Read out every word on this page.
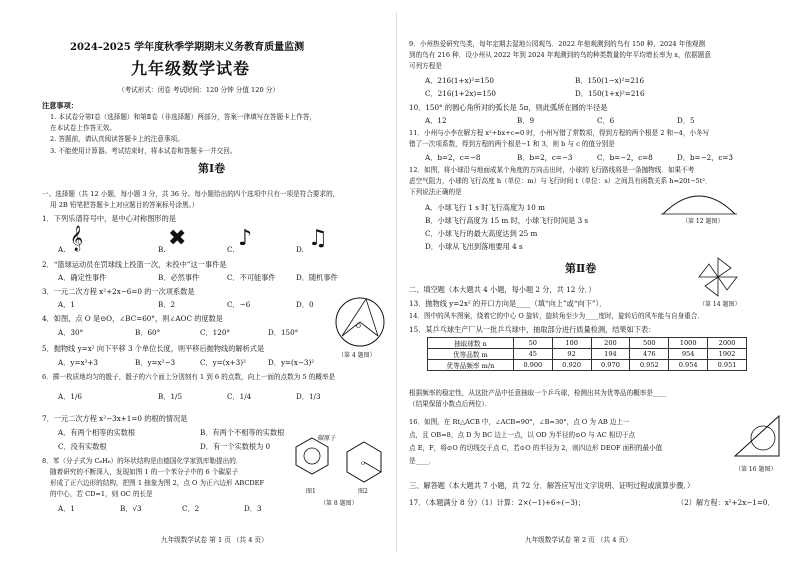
2024–2025 学年度秋季学期期末义务教育质量监测
九年级数学试卷
（考试形式：闭卷 考试时间：120 分钟 分值 120 分）
注意事项：
1. 本试卷分第Ⅰ卷（选择题）和第Ⅱ卷（非选择题）两部分，答案一律填写在答题卡上作答，
在本试卷上作答无效。
2. 答题前，请认真阅读答题卡上的注意事项。
3. 不能使用计算器。考试结束时，将本试卷和答题卡一并交回。
第Ⅰ卷
一、选择题（共 12 小题，每小题 3 分，共 36 分。每小题给出的四个选项中只有一项是符合要求的，
用 2B 铅笔把答题卡上对应题目的答案标号涂黑。）
1．下列乐谱符号中，是中心对称图形的是
A. 𝄞	B. ✖	C. ♪	D. ♫
2．“篮球运动员在罚球线上投篮一次，未投中”这一事件是
A．确定性事件	B．必然事件	C．不可能事件	D．随机事件
3．一元二次方程 x²+2x−6=0 的一次项系数是
A．1	B．2	C．−6	D．0
4．如图，点 O 是⊙O，∠BC=60°，则∠AOC 的度数是
A．30°	B．60°	C．120°	D．150°
O
（第 4 题图）
5．抛物线 y=x² 向下平移 3 个单位长度，则平移后抛物线的解析式是
A．y=x²+3	B．y=x²−3	C．y=(x+3)²	D．y=(x−3)²
6．掷一枚质地均匀的骰子，骰子的六个面上分别刻有 1 到 6 的点数，向上一面的点数为 5 的概率是
A．1/6	B．1/5	C．1/4	D．1/3
7．一元二次方程 x²−3x+1=0 的根的情况是
A．有两个相等的实数根	B．有两个不相等的实数根
C．没有实数根	D．有一个实数根为 0
8．苯（分子式为 C₆H₆）的环状结构是由德国化学家凯库勒提出的．
随着研究的不断深入，发现如图 1 的一个苯分子中的 6 个碳原子
形成了正六边形的结构，把图 1 抽象为图 2，点 O 为正六边形 ABCDEF
的中心，若 CD=1，则 OC 的长是
A．1	B．√3	C．2	D．3
碳原子
图1
O
图2
（第 8 题图）
九年级数学试卷 第 1 页 （共 4 页）
9．小州热爱研究鸟类，每年定期去湿地公园观鸟．2022 年他观测到的鸟有 150 种，2024 年他观测
到的鸟有 216 种．设小州从 2022 年到 2024 年观测到的鸟的种类数量的年平均增长率为 x，依据题意
可列方程是
A．216(1+x)²=150	B．150(1−x)²=216
C．216(1+2x)=150	D．150(1+x)²=216
10．150° 的圆心角所对的弧长是 5π，则此弧所在圆的半径是
A．12	B．9	C．6	D．5
11．小州与小李在解方程 x²+bx+c=0 时，小州写错了常数项，得到方程的两个根是 2 和−4，小冬写
错了一次项系数，得到方程的两个根是−1 和 3，则 b 与 c 的值分别是
A．b=2，c=−8	B．b=2，c=−3	C．b=−2，c=8	D．b=−2，c=3
12．如图，将小球沿与地面成某个角度的方向击出时，小球的飞行路线将是一条抛物线．如果不考
虑空气阻力，小球的飞行高度 h（单位：m）与飞行时间 t（单位：s）之间具有函数关系 h=20t−5t²．
下列说法正确的是
A．小球飞行 1 s 时飞行高度为 10 m
B．小球飞行高度为 15 m 时，小球飞行时间是 3 s
C．小球飞行的最大高度达到 25 m
D．小球从飞出到落地要用 4 s
（第 12 题图）
第Ⅱ卷
二、填空题（本大题共 4 小题，每小题 2 分，共 12 分．）
（第 14 题图）
13．抛物线 y=2x² 的开口方向是____（填“向上”或“向下”）．
14．图中的风车图案，绕着它的中心 O 旋转，旋转角至少为____度时，旋转后的风车能与自身重合．
15．某乒乓球生产厂从一批乒乓球中，抽取部分进行质量检测，结果如下表：
抽取球数 n	50	100	200	500	1000	2000
优等品数 m	45	92	194	476	954	1902
优等品频率 m/n	0.900	0.920	0.970	0.952	0.954	0.951
根据频率的稳定性，从这批产品中任意抽取一个乒乓球，检测出其为优等品的概率是____
（结果保留小数点后两位）．
16．如图，在 Rt△ACB 中，∠ACB=90°，∠B=30°，点 O 为 AB 边上一
点，且 OB=8，点 D 为 BC 边上一点，以 OD 为半径的⊙O 与 AC 相切于点
点 E，F，将⊙O 的切线交于点 C，若⊙O 的半径为 2，则四边形 DEOF 面积的最小值
是____．
（第 16 题图）
三、解答题（本大题共 7 小题，共 72 分．解答应写出文字说明、证明过程或演算步骤．）
17．（本题满分 8 分）（1）计算：2×(−1)+6÷(−3)；	（2）解方程：x²+2x−1=0．
九年级数学试卷 第 2 页 （共 4 页）
